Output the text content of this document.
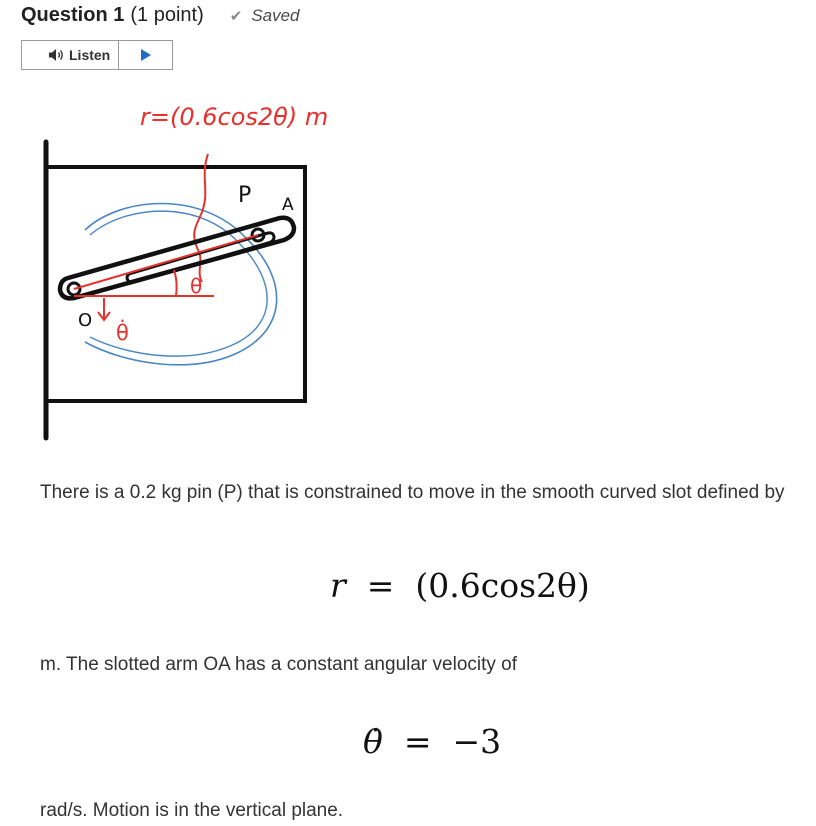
Question 1 (1 point) ✔ Saved
Listen
r=(0.6cos2θ) m
θ
P A
O
θ̇
There is a 0.2 kg pin (P) that is constrained to move in the smooth curved slot defined by
r  =  (0.6cos2θ)
m. The slotted arm OA has a constant angular velocity of
θ̇  =  −3
rad/s. Motion is in the vertical plane.
